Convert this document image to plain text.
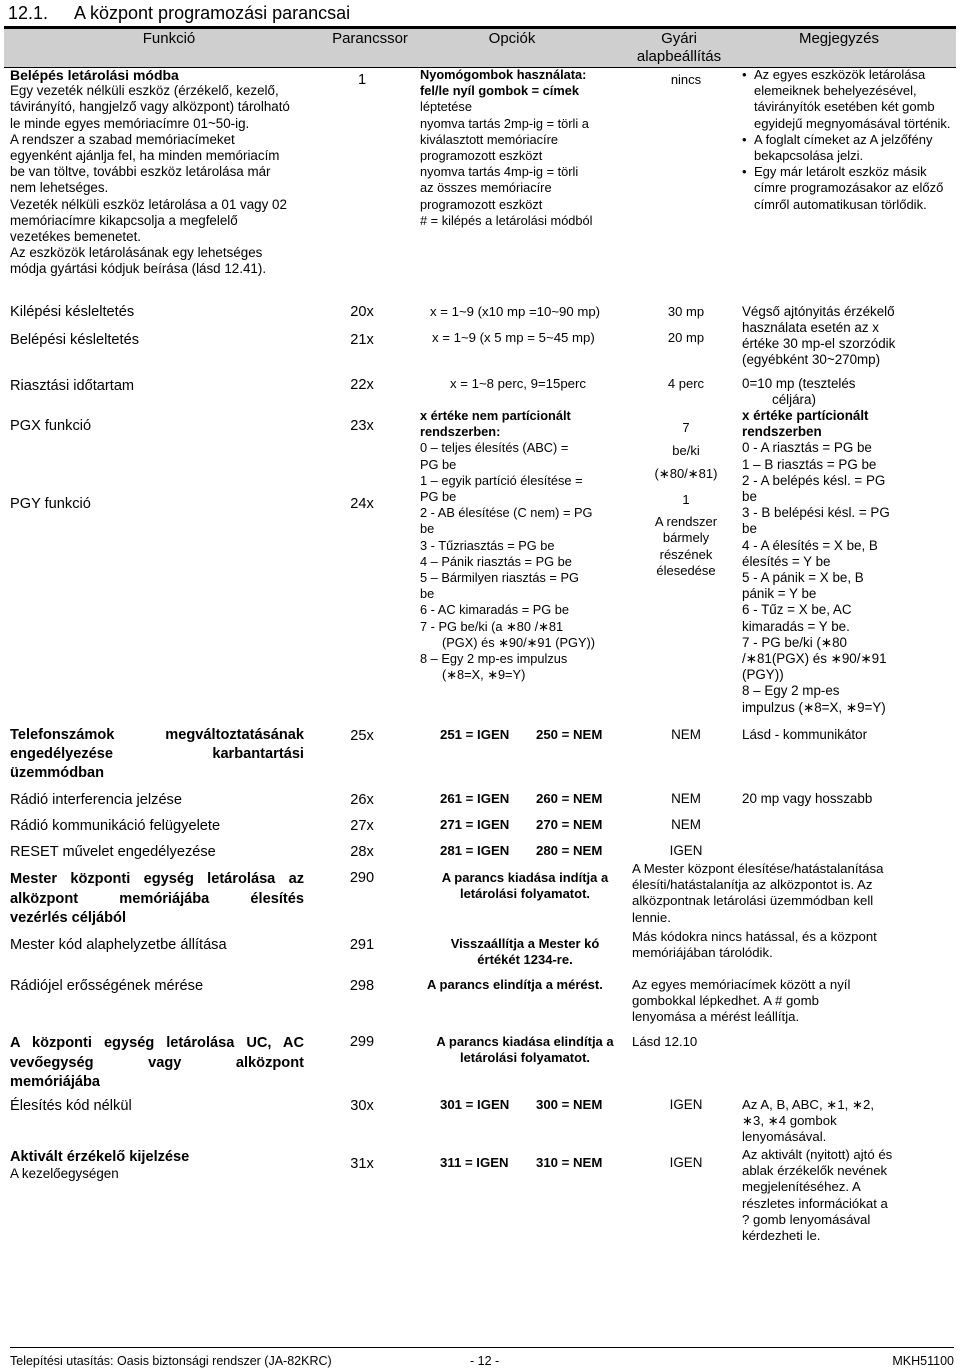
12.1. A központ programozási parancsai
Funkció	Parancssor	Opciók	Gyári alapbeállítás
Megjegyzés
Belépés letárolási módba
Egy vezeték nélküli eszköz (érzékelő, kezelő,
távirányító, hangjelző vagy alközpont) tárolható
le minde egyes memóriacímre 01~50-ig.
A rendszer a szabad memóriacímeket
egyenként ajánlja fel, ha minden memóriacím
be van töltve, további eszköz letárolása már
nem lehetséges.
Vezeték nélküli eszköz letárolása a 01 vagy 02
memóriacímre kikapcsolja a megfelelő
vezetékes bemenetet.
Az eszközök letárolásának egy lehetséges
módja gyártási kódjuk beírása (lásd 12.41).
1	Nyomógombok használata:
fel/le nyíl gombok = címek
léptetése
nyomva tartás 2mp-ig = törli a
kiválasztott memóriacíre
programozott eszközt
nyomva tartás 4mp-ig = törli
az összes memóriacíre
programozott eszközt
# = kilépés a letárolási módból
nincs
•	Az egyes eszközök letárolása elemeiknek behelyezésével, távirányítók esetében két gomb egyidejű megnyomásával történik.
• A foglalt címeket az A jelzőfény bekapcsolása jelzi.
• Egy már letárolt eszköz másik címre programozásakor az előző címről automatikusan törlődik.
Kilépési késleltetés	20x	x = 1~9 (x10 mp =10~90 mp)	30 mp	Végső ajtónyitás érzékelő
Belépési késleltetés	21x	x = 1~9 (x 5 mp = 5~45 mp)	20 mp
használata esetén az x
értéke 30 mp-el szorzódik
(egyébként 30~270mp)
Riasztási időtartam	22x	x = 1~8 perc, 9=15perc	4 perc	0=10 mp (tesztelés
céljára)
PGX funkció	23x
x értéke nem partícionált
rendszerben:
0 – teljes élesítés (ABC) =
PG be
1 – egyik partíció élesítése =
PG be
2 - AB élesítése (C nem) = PG
be
3 - Tűzriasztás = PG be
4 – Pánik riasztás = PG be
5 – Bármilyen riasztás = PG
be
6 - AC kimaradás = PG be
7 - PG be/ki (a ∗80 /∗81
(PGX) és ∗90/∗91 (PGY))
8 – Egy 2 mp-es impulzus
(∗8=X, ∗9=Y)
7
be/ki
(∗80/∗81)
x értéke partícionált
rendszerben
0 - A riasztás = PG be
1 – B riasztás = PG be
2 - A belépés késl. = PG
be
3 - B belépési késl. = PG
be
4 - A élesítés = X be, B
élesítés = Y be
5 - A pánik = X be, B
pánik = Y be
6 - Tűz = X be, AC
kimaradás = Y be.
7 - PG be/ki (∗80
/∗81(PGX) és ∗90/∗91
(PGY))
8 – Egy 2 mp-es
impulzus (∗8=X, ∗9=Y)
PGY funkció	24x	1
A rendszer
bármely
részének
élesedése
Telefonszámok	megváltoztatásának
engedélyezése	karbantartási
üzemmódban
25x	251 = IGEN 250 = NEM	NEM	Lásd - kommunikátor
Rádió interferencia jelzése	26x	261 = IGEN 260 = NEM	NEM	20 mp vagy hosszabb
Rádió kommunikáció felügyelete	27x	271 = IGEN 270 = NEM	NEM
RESET művelet engedélyezése	28x	281 = IGEN 280 = NEM	IGEN
Mester központi egység letárolása az
alközpont memóriájába élesítés
vezérlés céljából
290	A parancs kiadása indítja a
letárolási folyamatot.
A Mester központ élesítése/hatástalanítása
élesíti/hatástalanítja az alközpontot is. Az
alközpontnak letárolási üzemmódban kell
lennie.
Mester kód alaphelyzetbe állítása	291	Visszaállítja a Mester kó
értékét 1234-re.
Más kódokra nincs hatással, és a központ
memóriájában tárolódik.
Rádiójel erősségének mérése	298	A parancs elindítja a mérést. Az egyes memóriacímek között a nyíl
gombokkal lépkedhet. A # gomb
lenyomása a mérést leállítja.
A központi egység letárolása UC, AC
vevőegység vagy alközpont
memóriájába
299	A parancs kiadása elindítja a
letárolási folyamatot.
Lásd 12.10
Élesítés kód nélkül	30x	301 = IGEN 300 = NEM	IGEN	Az A, B, ABC, ∗1, ∗2,
∗3, ∗4 gombok
lenyomásával.
Aktivált érzékelő kijelzése
A kezelőegységen
31x	311 = IGEN 310 = NEM	IGEN
Az aktivált (nyitott) ajtó és
ablak érzékelők nevének
megjelenítéséhez. A
részletes információkat a
? gomb lenyomásával
kérdezheti le.
Telepítési utasítás: Oasis biztonsági rendszer (JA-82KRC)	- 12 -	MKH51100
